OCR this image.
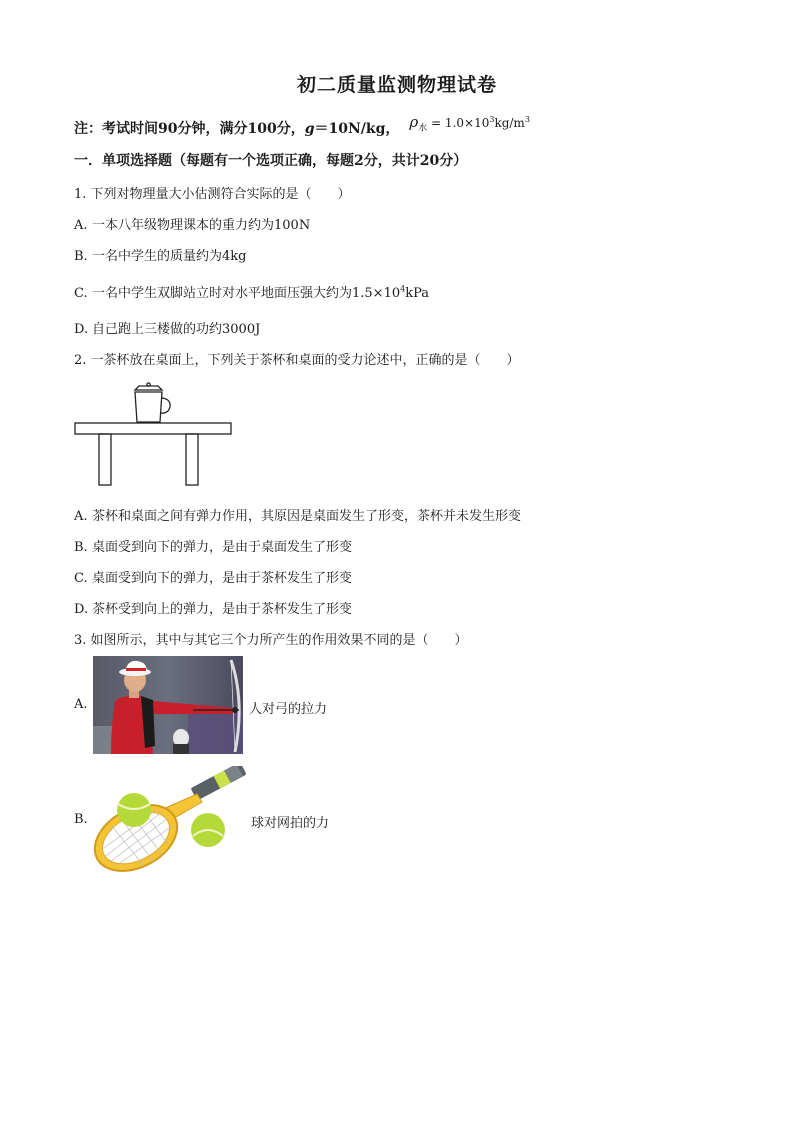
初二质量监测物理试卷
注：考试时间90分钟，满分100分，g＝10N/kg， $\rho_水 = 1.0\times 10^3kg/m^3$
一．单项选择题（每题有一个选项正确，每题2分，共计20分）
1. 下列对物理量大小估测符合实际的是（　　）
A. 一本八年级物理课本的重力约为100N
B. 一名中学生的质量约为4kg
C. 一名中学生双脚站立时对水平地面压强大约为$1.5\times 10^4kPa$
D. 自己跑上三楼做的功约3000J
2. 一茶杯放在桌面上，下列关于茶杯和桌面的受力论述中，正确的是（　　）
A. 茶杯和桌面之间有弹力作用，其原因是桌面发生了形变，茶杯并未发生形变
B. 桌面受到向下的弹力，是由于桌面发生了形变
C. 桌面受到向下的弹力，是由于茶杯发生了形变
D. 茶杯受到向上的弹力，是由于茶杯发生了形变
3. 如图所示，其中与其它三个力所产生的作用效果不同的是（　　）
A.	人对弓的拉力
B.	球对网拍的力
